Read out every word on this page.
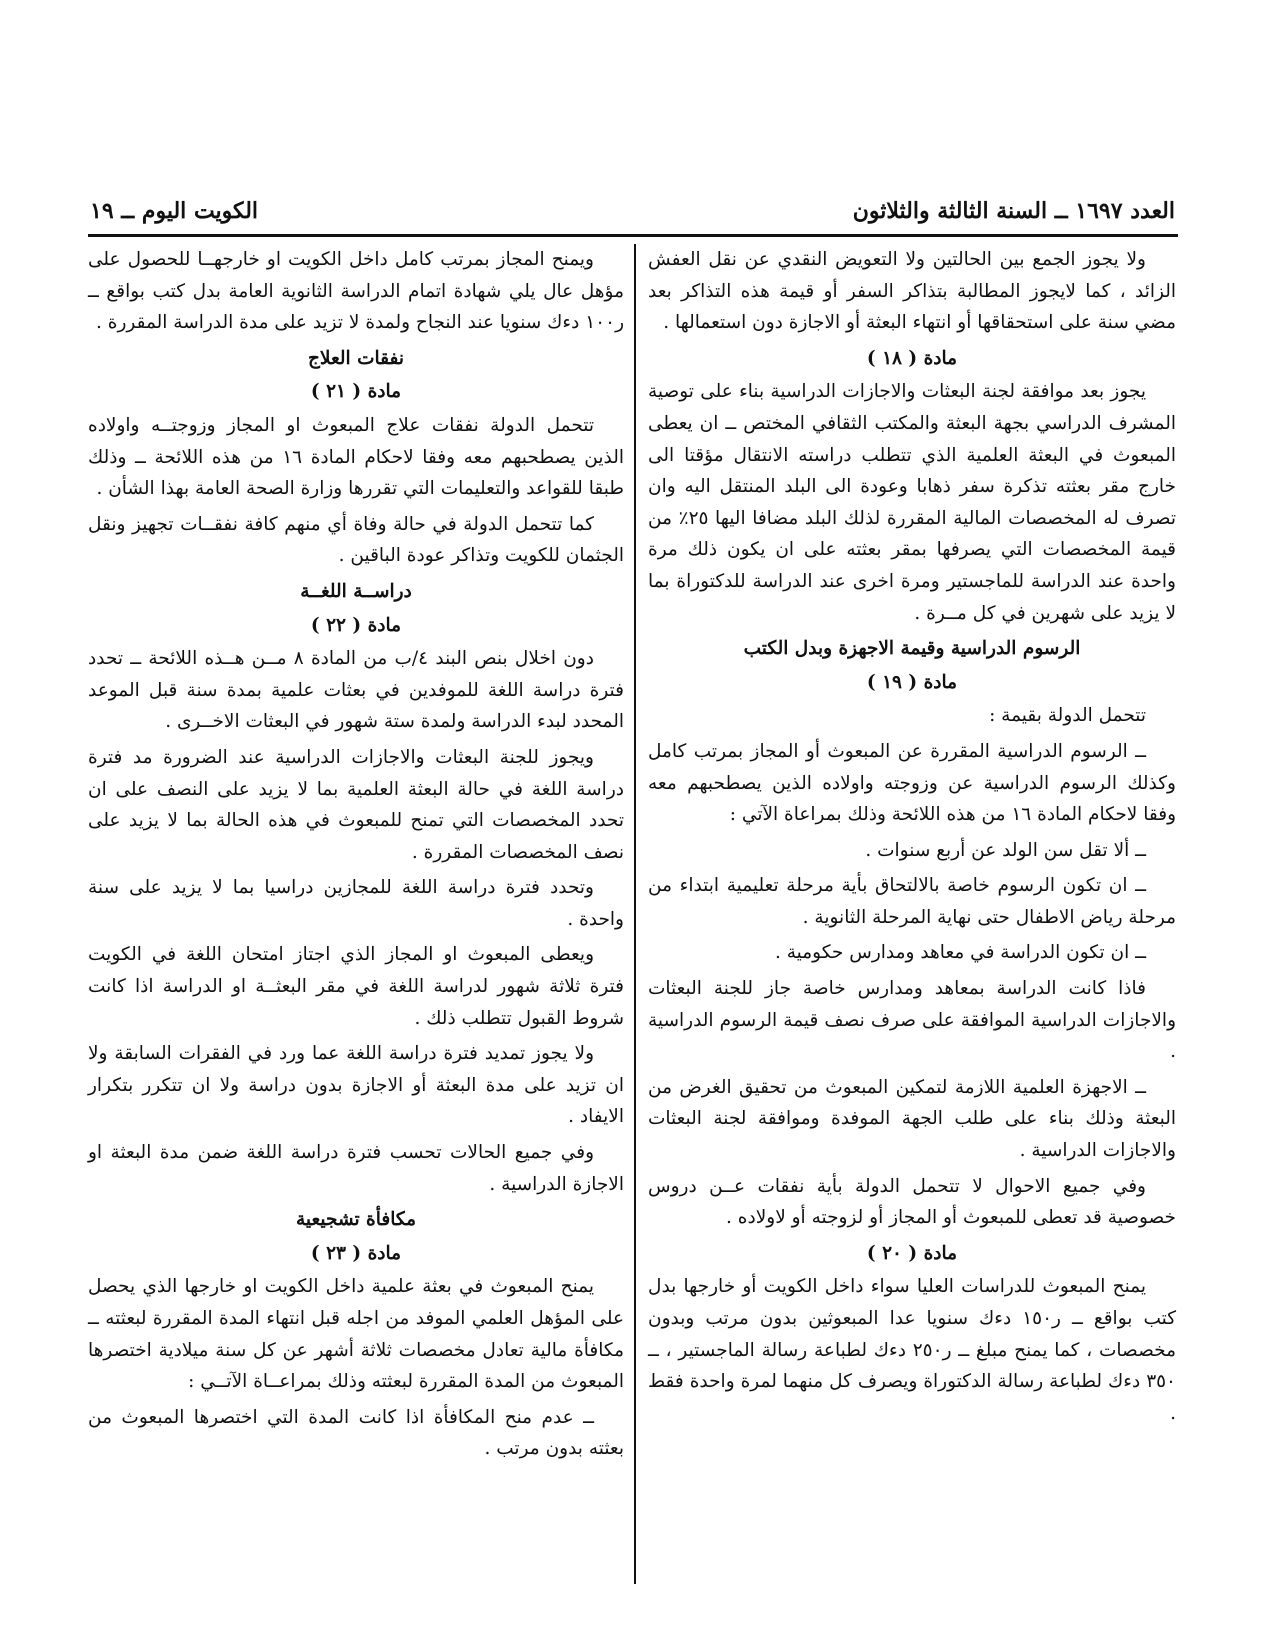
العدد ١٦٩٧ ــ السنة الثالثة والثلاثون
الكويت اليوم ــ ١٩

ولا يجوز الجمع بين الحالتين ولا التعويض النقدي عن نقل العفش الزائد ، كما لايجوز المطالبة بتذاكر السفر أو قيمة هذه التذاكر بعد مضي سنة على استحقاقها أو انتهاء البعثة أو الاجازة دون استعمالها .

مادة ( ١٨ )

يجوز بعد موافقة لجنة البعثات والاجازات الدراسية بناء على توصية المشرف الدراسي بجهة البعثة والمكتب الثقافي المختص ــ ان يعطى المبعوث في البعثة العلمية الذي تتطلب دراسته الانتقال مؤقتا الى خارج مقر بعثته تذكرة سفر ذهابا وعودة الى البلد المنتقل اليه وان تصرف له المخصصات المالية المقررة لذلك البلد مضافا اليها ٢٥٪ من قيمة المخصصات التي يصرفها بمقر بعثته على ان يكون ذلك مرة واحدة عند الدراسة للماجستير ومرة اخرى عند الدراسة للدكتوراة بما لا يزيد على شهرين في كل مــرة .

الرسوم الدراسية وقيمة الاجهزة وبدل الكتب
مادة ( ١٩ )

تتحمل الدولة بقيمة :

ــ الرسوم الدراسية المقررة عن المبعوث أو المجاز بمرتب كامل وكذلك الرسوم الدراسية عن وزوجته واولاده الذين يصطحبهم معه وفقا لاحكام المادة ١٦ من هذه اللائحة وذلك بمراعاة الآتي :

ــ ألا تقل سن الولد عن أربع سنوات .

ــ ان تكون الرسوم خاصة بالالتحاق بأية مرحلة تعليمية ابتداء من مرحلة رياض الاطفال حتى نهاية المرحلة الثانوية .

ــ ان تكون الدراسة في معاهد ومدارس حكومية .

فاذا كانت الدراسة بمعاهد ومدارس خاصة جاز للجنة البعثات والاجازات الدراسية الموافقة على صرف نصف قيمة الرسوم الدراسية .

ــ الاجهزة العلمية اللازمة لتمكين المبعوث من تحقيق الغرض من البعثة وذلك بناء على طلب الجهة الموفدة وموافقة لجنة البعثات والاجازات الدراسية .

وفي جميع الاحوال لا تتحمل الدولة بأية نفقات عــن دروس خصوصية قد تعطى للمبعوث أو المجاز أو لزوجته أو لاولاده .

مادة ( ٢٠ )

يمنح المبعوث للدراسات العليا سواء داخل الكويت أو خارجها بدل كتب بواقع ــ ر١٥٠ دءك سنويا عدا المبعوثين بدون مرتب وبدون مخصصات ، كما يمنح مبلغ ــ ر٢٥٠ دءك لطباعة رسالة الماجستير ، ــ ٣٥٠ دءك لطباعة رسالة الدكتوراة ويصرف كل منهما لمرة واحدة فقط .

ويمنح المجاز بمرتب كامل داخل الكويت او خارجهــا للحصول على مؤهل عال يلي شهادة اتمام الدراسة الثانوية العامة بدل كتب بواقع ــ ر١٠٠ دءك سنويا عند النجاح ولمدة لا تزيد على مدة الدراسة المقررة .

نفقات العلاج
مادة ( ٢١ )

تتحمل الدولة نفقات علاج المبعوث او المجاز وزوجتــه واولاده الذين يصطحبهم معه وفقا لاحكام المادة ١٦ من هذه اللائحة ــ وذلك طبقا للقواعد والتعليمات التي تقررها وزارة الصحة العامة بهذا الشأن .

كما تتحمل الدولة في حالة وفاة أي منهم كافة نفقــات تجهيز ونقل الجثمان للكويت وتذاكر عودة الباقين .

دراســة اللغــة
مادة ( ٢٢ )

دون اخلال بنص البند ٤/ب من المادة ٨ مــن هــذه اللائحة ــ تحدد فترة دراسة اللغة للموفدين في بعثات علمية بمدة سنة قبل الموعد المحدد لبدء الدراسة ولمدة ستة شهور في البعثات الاخــرى .

ويجوز للجنة البعثات والاجازات الدراسية عند الضرورة مد فترة دراسة اللغة في حالة البعثة العلمية بما لا يزيد على النصف على ان تحدد المخصصات التي تمنح للمبعوث في هذه الحالة بما لا يزيد على نصف المخصصات المقررة .

وتحدد فترة دراسة اللغة للمجازين دراسيا بما لا يزيد على سنة واحدة .

ويعطى المبعوث او المجاز الذي اجتاز امتحان اللغة في الكويت فترة ثلاثة شهور لدراسة اللغة في مقر البعثــة او الدراسة اذا كانت شروط القبول تتطلب ذلك .

ولا يجوز تمديد فترة دراسة اللغة عما ورد في الفقرات السابقة ولا ان تزيد على مدة البعثة أو الاجازة بدون دراسة ولا ان تتكرر بتكرار الايفاد .

وفي جميع الحالات تحسب فترة دراسة اللغة ضمن مدة البعثة او الاجازة الدراسية .

مكافأة تشجيعية
مادة ( ٢٣ )

يمنح المبعوث في بعثة علمية داخل الكويت او خارجها الذي يحصل على المؤهل العلمي الموفد من اجله قبل انتهاء المدة المقررة لبعثته ــ مكافأة مالية تعادل مخصصات ثلاثة أشهر عن كل سنة ميلادية اختصرها المبعوث من المدة المقررة لبعثته وذلك بمراعــاة الآتــي :

ــ عدم منح المكافأة اذا كانت المدة التي اختصرها المبعوث من بعثته بدون مرتب .
